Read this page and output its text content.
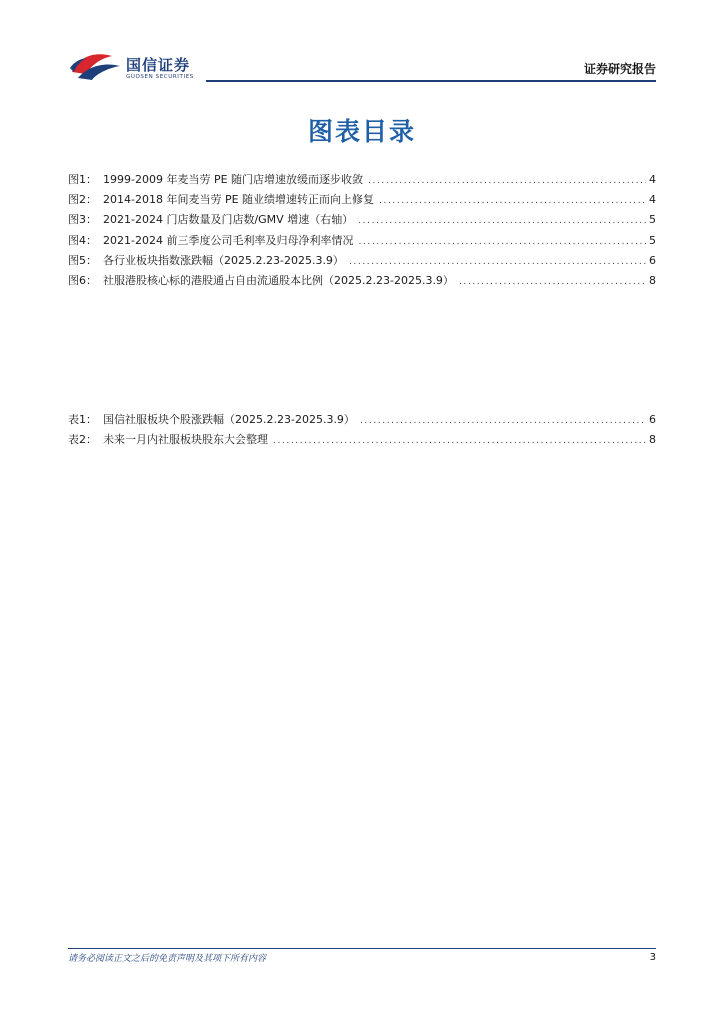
国信证券
GUOSEN SECURITIES
证券研究报告
图表目录
图1： 1999-2009 年麦当劳 PE 随门店增速放缓而逐步收敛 .....	4
图2： 2014-2018 年间麦当劳 PE 随业绩增速转正而向上修复 .....	4
图3： 2021-2024 门店数量及门店数/GMV 增速（右轴） .....	5
图4： 2021-2024 前三季度公司毛利率及归母净利率情况 .....	5
图5： 各行业板块指数涨跌幅（2025.2.23-2025.3.9） .....	6
图6： 社服港股核心标的港股通占自由流通股本比例（2025.2.23-2025.3.9） .....	8
表1： 国信社服板块个股涨跌幅（2025.2.23-2025.3.9） .....	6
表2： 未来一月内社服板块股东大会整理 .....	8
请务必阅读正文之后的免责声明及其项下所有内容	3
